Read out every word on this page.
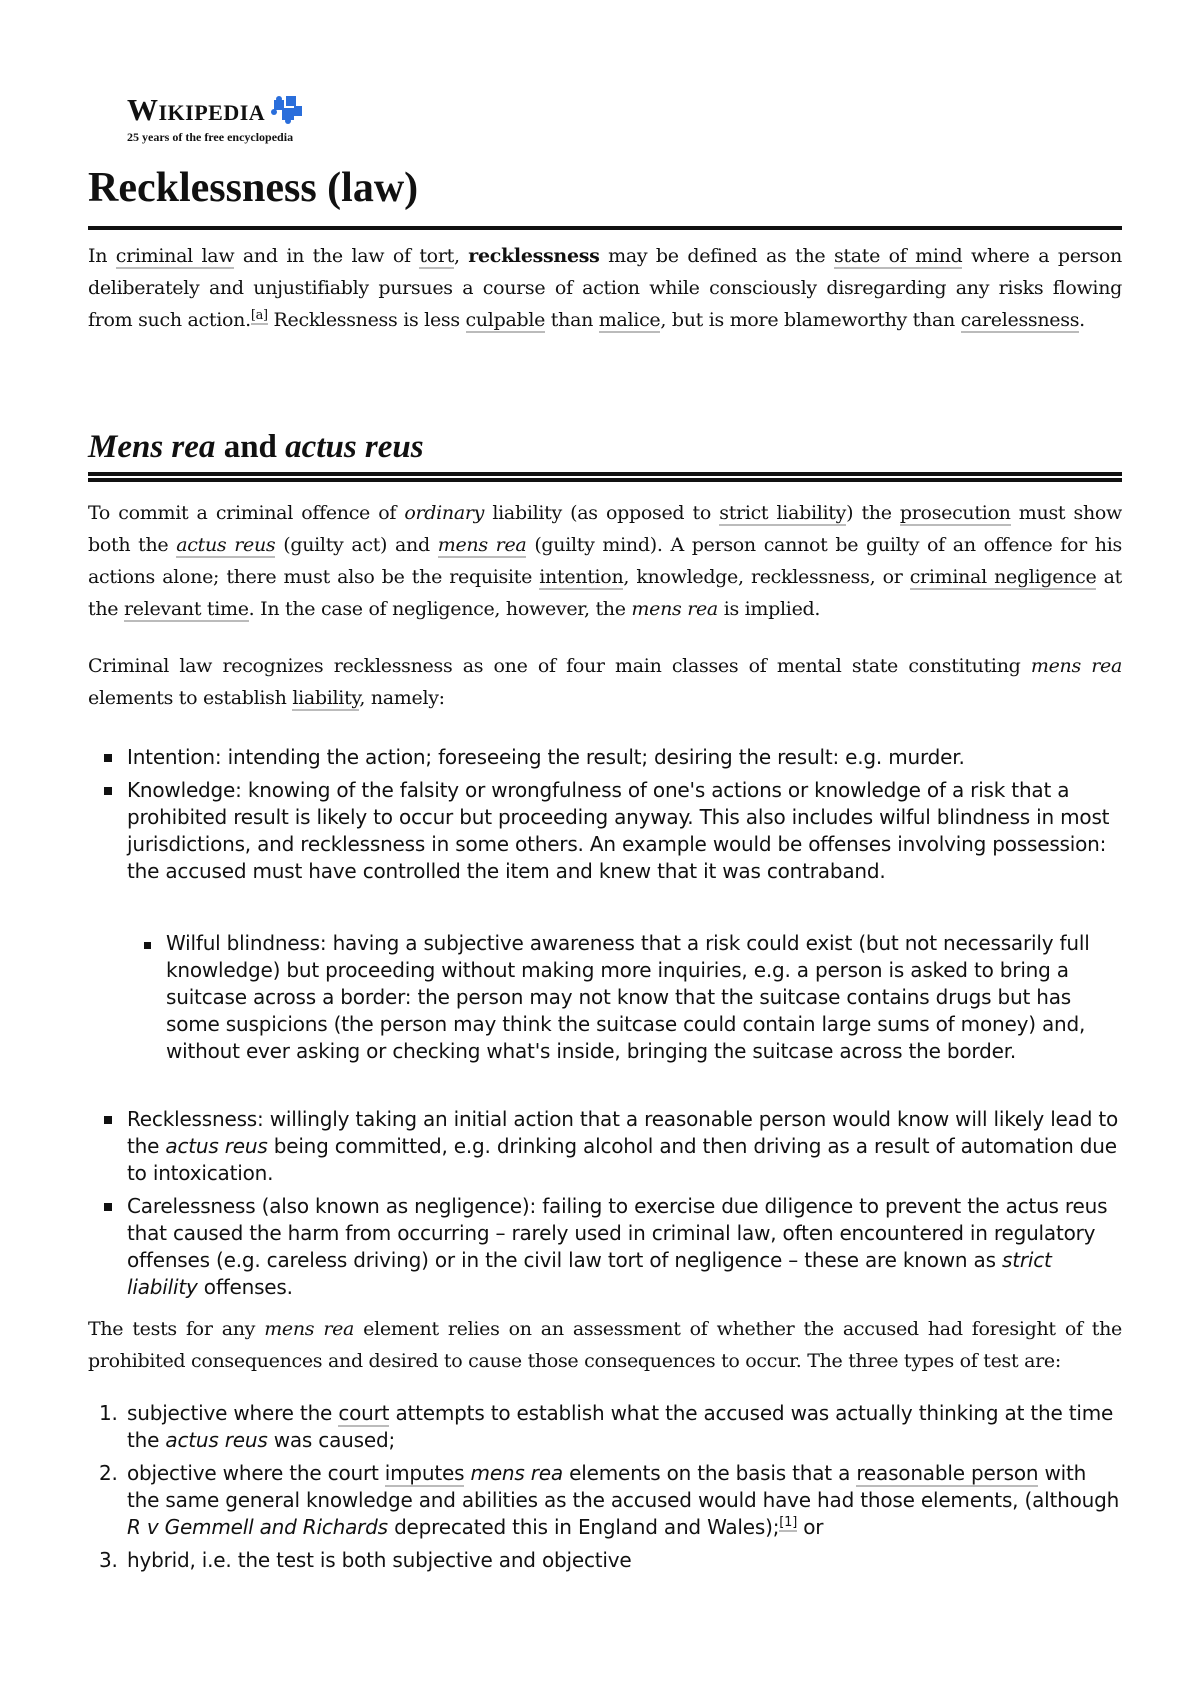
Wikipedia
25 years of the free encyclopedia
Recklessness (law)

In criminal law and in the law of tort, recklessness may be defined as the state of mind where a person deliberately and unjustifiably pursues a course of action while consciously disregarding any risks flowing from such action.[a] Recklessness is less culpable than malice, but is more blameworthy than carelessness.

Mens rea and actus reus

To commit a criminal offence of ordinary liability (as opposed to strict liability) the prosecution must show both the actus reus (guilty act) and mens rea (guilty mind). A person cannot be guilty of an offence for his actions alone; there must also be the requisite intention, knowledge, recklessness, or criminal negligence at the relevant time. In the case of negligence, however, the mens rea is implied.

Criminal law recognizes recklessness as one of four main classes of mental state constituting mens rea elements to establish liability, namely:

Intention: intending the action; foreseeing the result; desiring the result: e.g. murder.
Knowledge: knowing of the falsity or wrongfulness of one's actions or knowledge of a risk that a prohibited result is likely to occur but proceeding anyway. This also includes wilful blindness in most jurisdictions, and recklessness in some others. An example would be offenses involving possession: the accused must have controlled the item and knew that it was contraband.
Wilful blindness: having a subjective awareness that a risk could exist (but not necessarily full knowledge) but proceeding without making more inquiries, e.g. a person is asked to bring a suitcase across a border: the person may not know that the suitcase contains drugs but has some suspicions (the person may think the suitcase could contain large sums of money) and, without ever asking or checking what's inside, bringing the suitcase across the border.
Recklessness: willingly taking an initial action that a reasonable person would know will likely lead to the actus reus being committed, e.g. drinking alcohol and then driving as a result of automation due to intoxication.
Carelessness (also known as negligence): failing to exercise due diligence to prevent the actus reus that caused the harm from occurring – rarely used in criminal law, often encountered in regulatory offenses (e.g. careless driving) or in the civil law tort of negligence – these are known as strict liability offenses.

The tests for any mens rea element relies on an assessment of whether the accused had foresight of the prohibited consequences and desired to cause those consequences to occur. The three types of test are:

1. subjective where the court attempts to establish what the accused was actually thinking at the time the actus reus was caused;
2. objective where the court imputes mens rea elements on the basis that a reasonable person with the same general knowledge and abilities as the accused would have had those elements, (although R v Gemmell and Richards deprecated this in England and Wales);[1] or
3. hybrid, i.e. the test is both subjective and objective
